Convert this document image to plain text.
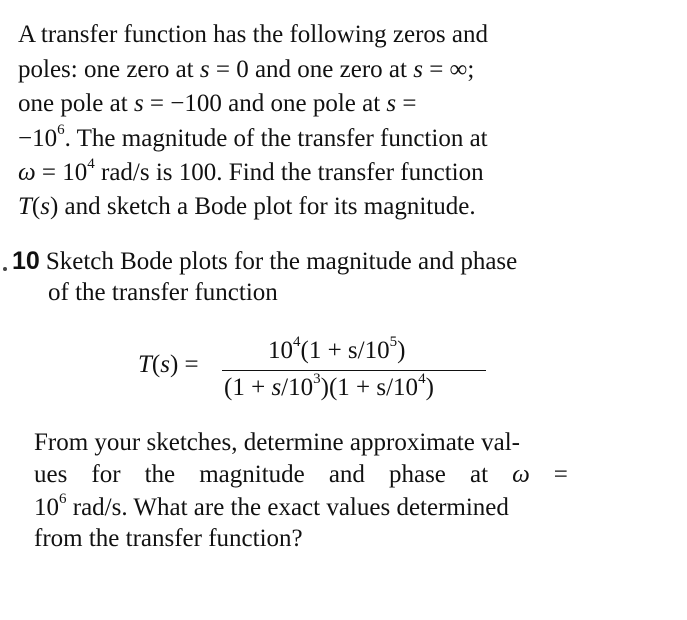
A transfer function has the following zeros and
poles: one zero at s = 0 and one zero at s = ∞;
one pole at s = −100 and one pole at s =
$-10^6$. The magnitude of the transfer function at
$\omega = 10^4$ rad/s is 100. Find the transfer function
T(s) and sketch a Bode plot for its magnitude.
10 Sketch Bode plots for the magnitude and phase
of the transfer function
T(s) =
$10^4(1 + s/10^5)$
$(1 + s/10^3)(1 + s/10^4)$
From your sketches, determine approximate val-
ues for the magnitude and phase at ω =
$10^6$ rad/s. What are the exact values determined
from the transfer function?
